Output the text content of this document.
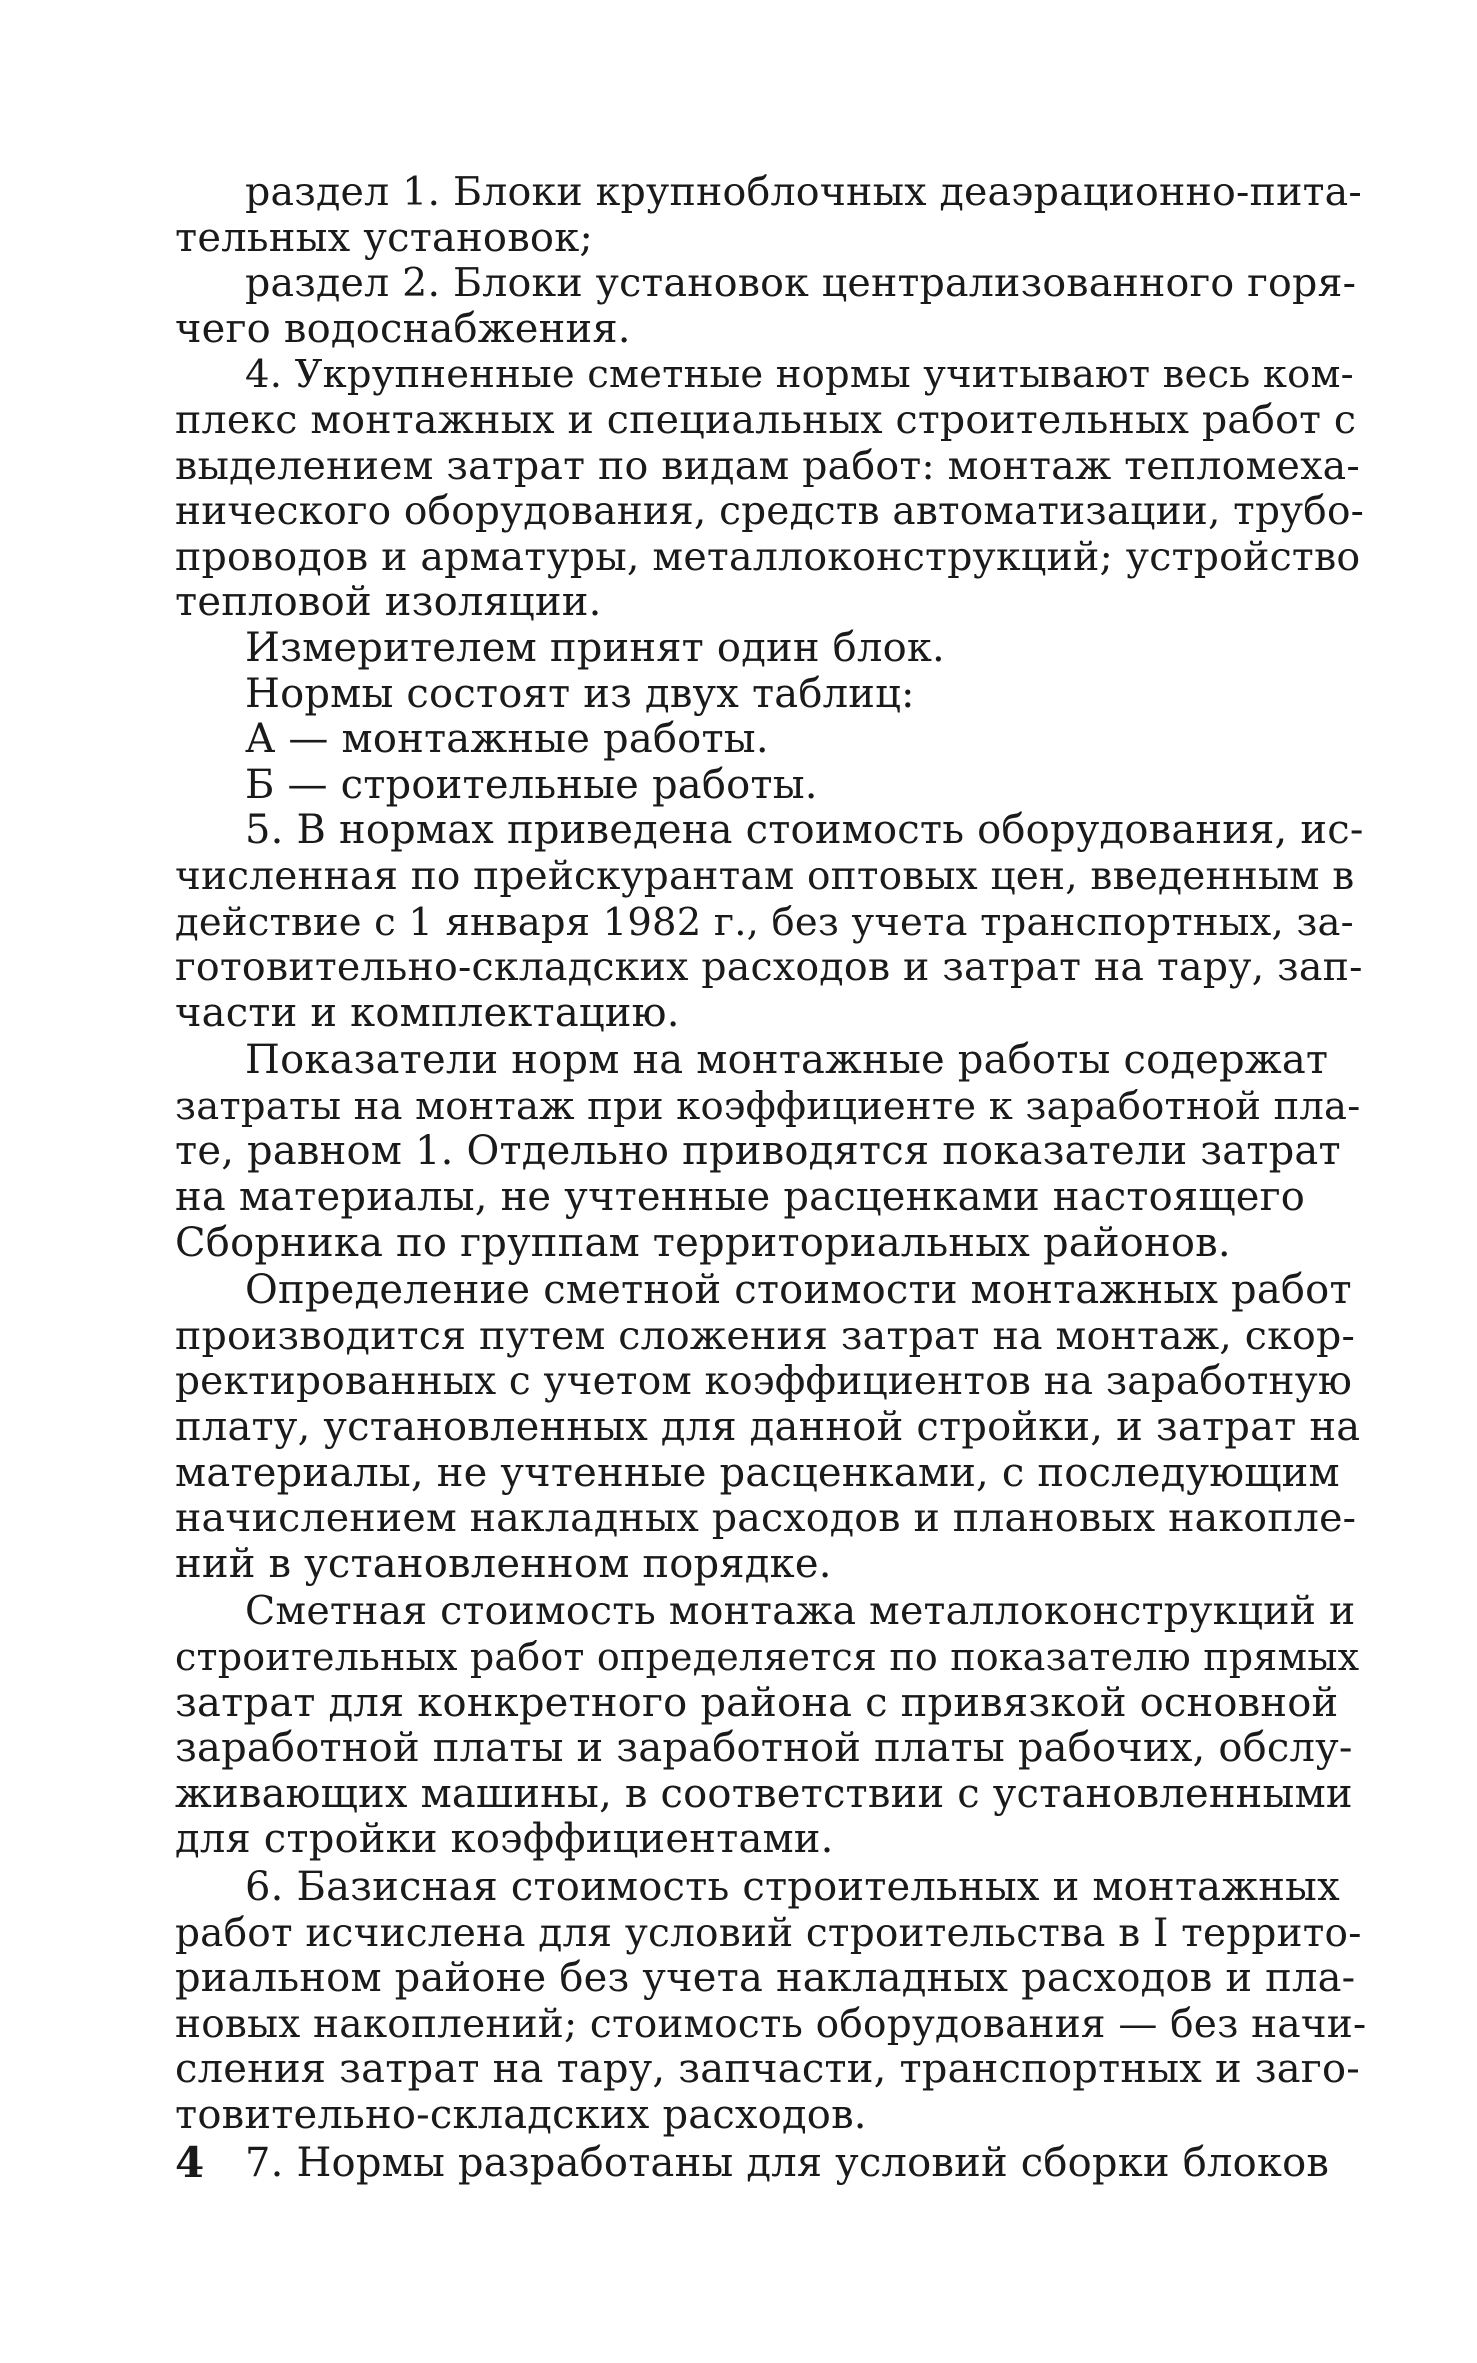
раздел 1. Блоки крупноблочных деаэрационно-пита-
тельных установок;
раздел 2. Блоки установок централизованного горя-
чего водоснабжения.
4. Укрупненные сметные нормы учитывают весь ком-
плекс монтажных и специальных строительных работ с
выделением затрат по видам работ: монтаж тепломеха-
нического оборудования, средств автоматизации, трубо-
проводов и арматуры, металлоконструкций; устройство
тепловой изоляции.
Измерителем принят один блок.
Нормы состоят из двух таблиц:
А — монтажные работы.
Б — строительные работы.
5. В нормах приведена стоимость оборудования, ис-
численная по прейскурантам оптовых цен, введенным в
действие с 1 января 1982 г., без учета транспортных, за-
готовительно-складских расходов и затрат на тару, зап-
части и комплектацию.
Показатели норм на монтажные работы содержат
затраты на монтаж при коэффициенте к заработной пла-
те, равном 1. Отдельно приводятся показатели затрат
на материалы, не учтенные расценками настоящего
Сборника по группам территориальных районов.
Определение сметной стоимости монтажных работ
производится путем сложения затрат на монтаж, скор-
ректированных с учетом коэффициентов на заработную
плату, установленных для данной стройки, и затрат на
материалы, не учтенные расценками, с последующим
начислением накладных расходов и плановых накопле-
ний в установленном порядке.
Сметная стоимость монтажа металлоконструкций и
строительных работ определяется по показателю прямых
затрат для конкретного района с привязкой основной
заработной платы и заработной платы рабочих, обслу-
живающих машины, в соответствии с установленными
для стройки коэффициентами.
6. Базисная стоимость строительных и монтажных
работ исчислена для условий строительства в I террито-
риальном районе без учета накладных расходов и пла-
новых накоплений; стоимость оборудования — без начи-
сления затрат на тару, запчасти, транспортных и заго-
товительно-складских расходов.
7. Нормы разработаны для условий сборки блоков
4
